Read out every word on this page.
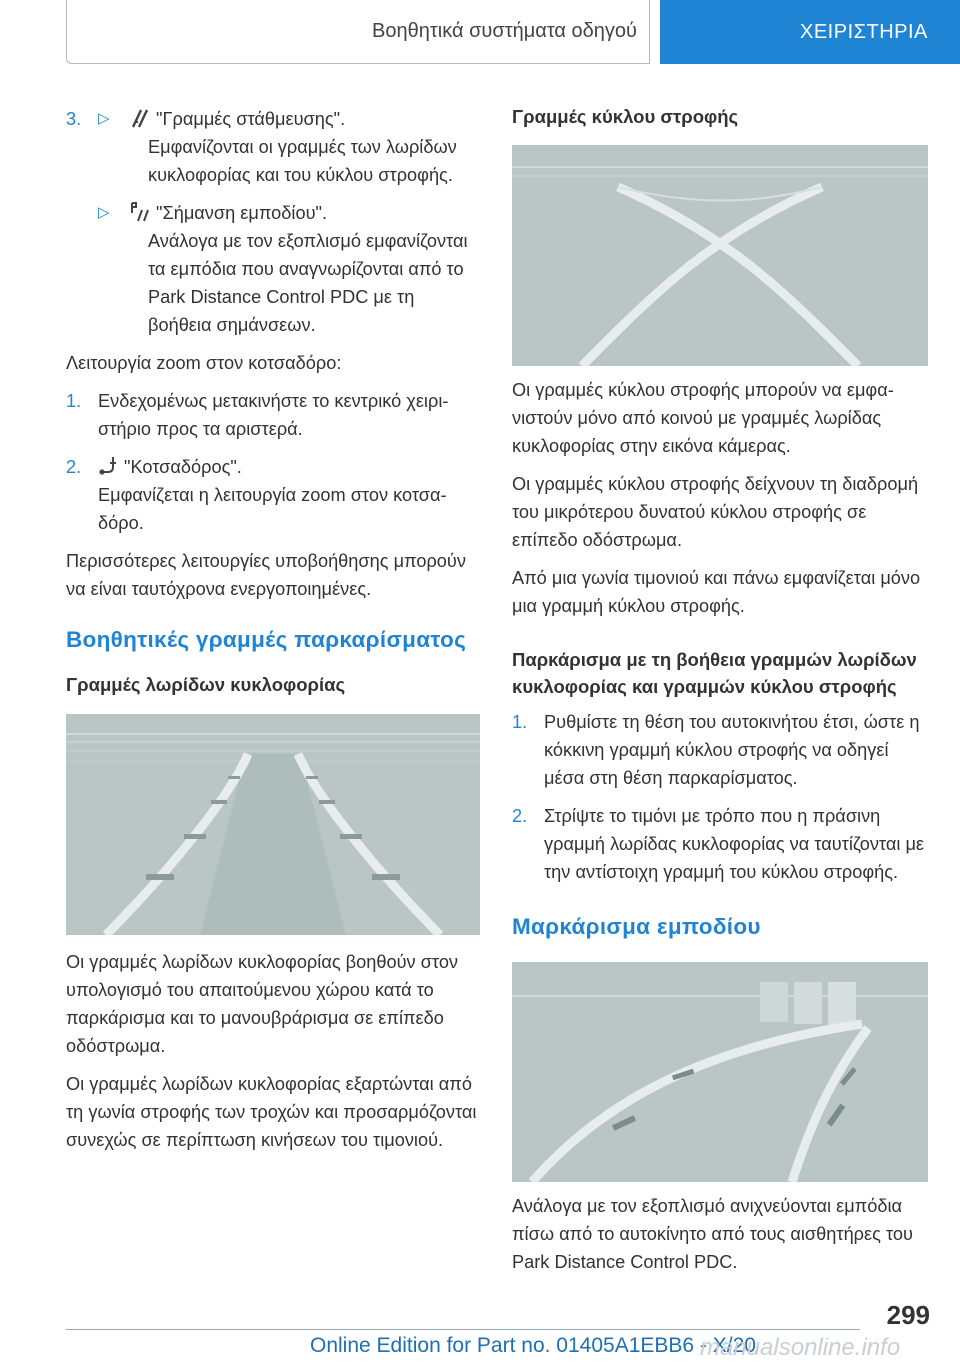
Βοηθητικά συστήματα οδηγού	ΧΕΙΡΙΣΤΗΡΙΑ
3.	▷	"Γραμμές στάθμευσης".

Εμφανίζονται οι γραμμές των λωρίδων κυκλοφορίας και του κύκλου στροφής.

▷	"Σήμανση εμποδίου".

Ανάλογα με τον εξοπλισμό εμφανίζονται τα εμπόδια που αναγνωρίζονται από το Park Distance Control PDC με τη βοήθεια σημάνσεων.

Λειτουργία zoom στον κοτσαδόρο:

1. Ενδεχομένως μετακινήστε το κεντρικό χειριστήριο προς τα αριστερά.
2.	"Κοτσαδόρος".

Εμφανίζεται η λειτουργία zoom στον κοτσαδόρο.

Περισσότερες λειτουργίες υποβοήθησης μπορούν να είναι ταυτόχρονα ενεργοποιημένες.

Βοηθητικές γραμμές παρκαρίσματος
Γραμμές λωρίδων κυκλοφορίας

Οι γραμμές λωρίδων κυκλοφορίας βοηθούν στον υπολογισμό του απαιτούμενου χώρου κατά το παρκάρισμα και το μανουβράρισμα σε επίπεδο οδόστρωμα.

Οι γραμμές λωρίδων κυκλοφορίας εξαρτώνται από τη γωνία στροφής των τροχών και προσαρμόζονται συνεχώς σε περίπτωση κινήσεων του τιμονιού.

Γραμμές κύκλου στροφής

Οι γραμμές κύκλου στροφής μπορούν να εμφανιστούν μόνο από κοινού με γραμμές λωρίδας κυκλοφορίας στην εικόνα κάμερας.

Οι γραμμές κύκλου στροφής δείχνουν τη διαδρομή του μικρότερου δυνατού κύκλου στροφής σε επίπεδο οδόστρωμα.

Από μια γωνία τιμονιού και πάνω εμφανίζεται μόνο μια γραμμή κύκλου στροφής.

Παρκάρισμα με τη βοήθεια γραμμών λωρίδων κυκλοφορίας και γραμμών κύκλου στροφής
1. Ρυθμίστε τη θέση του αυτοκινήτου έτσι, ώστε η κόκκινη γραμμή κύκλου στροφής να οδηγεί μέσα στη θέση παρκαρίσματος.
2. Στρίψτε το τιμόνι με τρόπο που η πράσινη γραμμή λωρίδας κυκλοφορίας να ταυτίζονται με την αντίστοιχη γραμμή του κύκλου στροφής.
Μαρκάρισμα εμποδίου

Ανάλογα με τον εξοπλισμό ανιχνεύονται εμπόδια πίσω από το αυτοκίνητο από τους αισθητήρες του Park Distance Control PDC.

299
Online Edition for Part no. 01405A1EBB6 - X/20
manualsonline.info
